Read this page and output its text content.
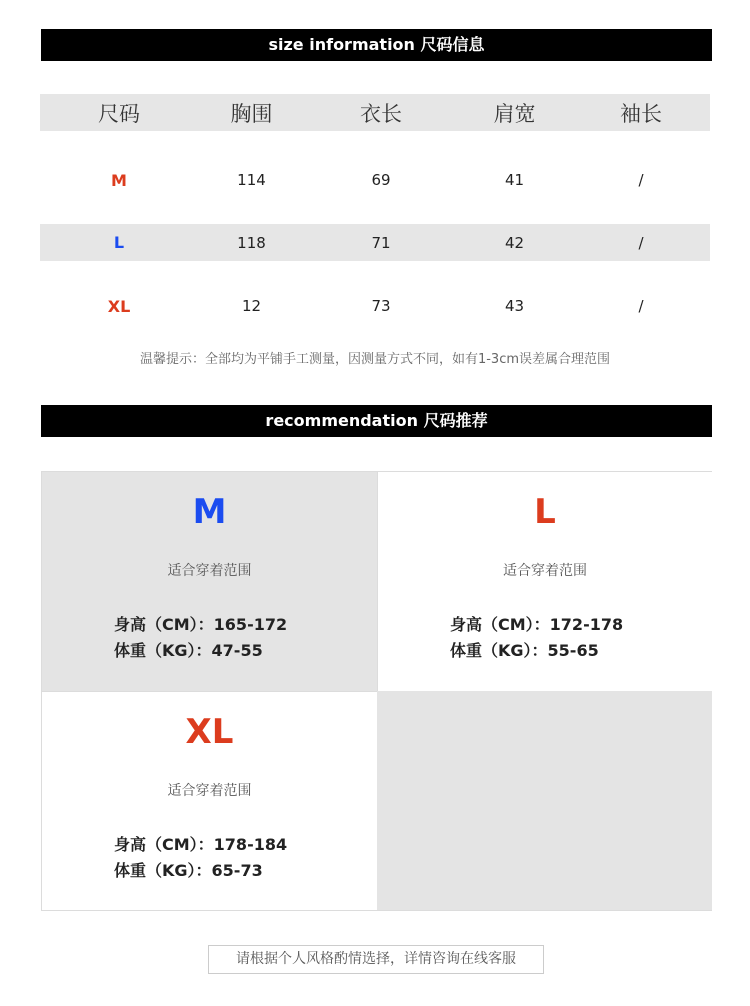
size information 尺码信息
尺码	胸围	衣长	肩宽	袖长
M	114	69	41	/
L	118	71	42	/
XL	12	73	43	/
温馨提示：全部均为平铺手工测量，因测量方式不同，如有1-3cm误差属合理范围
recommendation 尺码推荐
M
适合穿着范围
身高（CM）：165-172
体重（KG）：47-55
L
适合穿着范围
身高（CM）：172-178
体重（KG）：55-65
XL
适合穿着范围
身高（CM）：178-184
体重（KG）：65-73
请根据个人风格酌情选择，详情咨询在线客服
